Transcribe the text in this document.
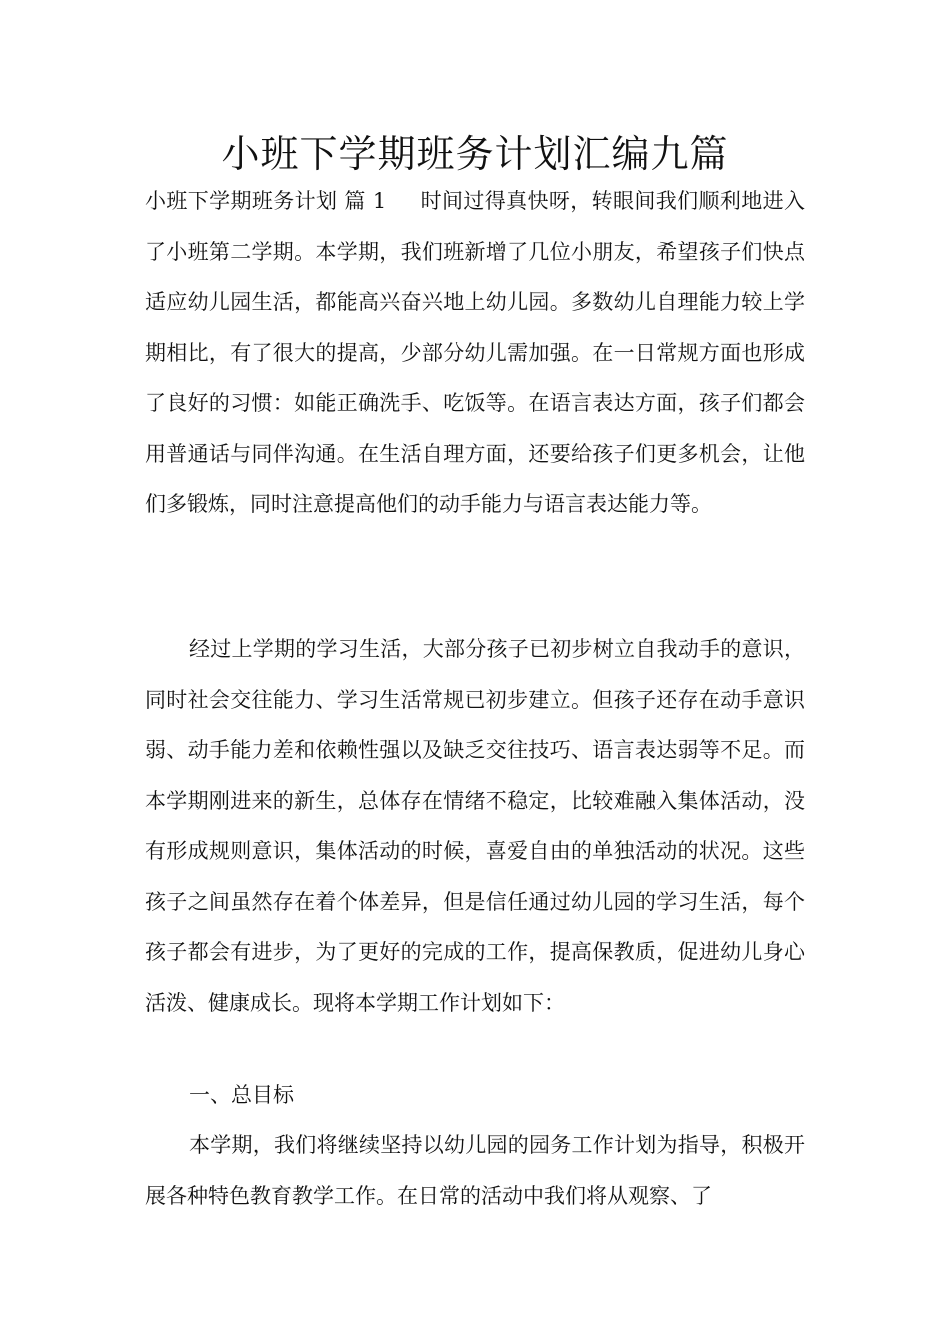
小班下学期班务计划汇编九篇

小班下学期班务计划 篇 1 时间过得真快呀，转眼间我们顺利地进入了小班第二学期。本学期，我们班新增了几位小朋友，希望孩子们快点适应幼儿园生活，都能高兴奋兴地上幼儿园。多数幼儿自理能力较上学期相比，有了很大的提高，少部分幼儿需加强。在一日常规方面也形成了良好的习惯：如能正确洗手、吃饭等。在语言表达方面，孩子们都会用普通话与同伴沟通。在生活自理方面，还要给孩子们更多机会，让他们多锻炼，同时注意提高他们的动手能力与语言表达能力等。

经过上学期的学习生活，大部分孩子已初步树立自我动手的意识，同时社会交往能力、学习生活常规已初步建立。但孩子还存在动手意识弱、动手能力差和依赖性强以及缺乏交往技巧、语言表达弱等不足。而本学期刚进来的新生，总体存在情绪不稳定，比较难融入集体活动，没有形成规则意识，集体活动的时候，喜爱自由的单独活动的状况。这些孩子之间虽然存在着个体差异，但是信任通过幼儿园的学习生活，每个孩子都会有进步，为了更好的完成的工作，提高保教质，促进幼儿身心活泼、健康成长。现将本学期工作计划如下：

一、总目标

本学期，我们将继续坚持以幼儿园的园务工作计划为指导，积极开展各种特色教育教学工作。在日常的活动中我们将从观察、了
